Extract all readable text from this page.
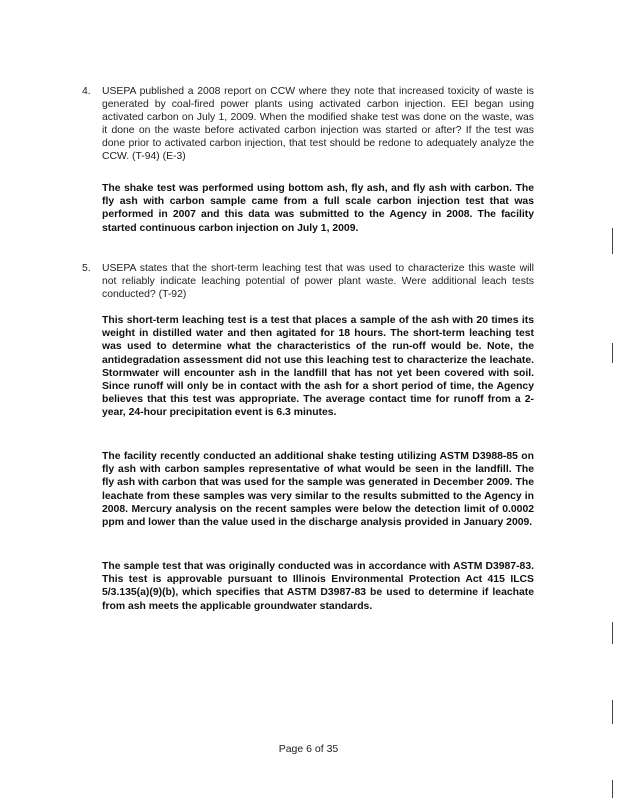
4. USEPA published a 2008 report on CCW where they note that increased toxicity of waste is generated by coal-fired power plants using activated carbon injection. EEI began using activated carbon on July 1, 2009. When the modified shake test was done on the waste, was it done on the waste before activated carbon injection was started or after? If the test was done prior to activated carbon injection, that test should be redone to adequately analyze the CCW. (T-94) (E-3)
The shake test was performed using bottom ash, fly ash, and fly ash with carbon. The fly ash with carbon sample came from a full scale carbon injection test that was performed in 2007 and this data was submitted to the Agency in 2008. The facility started continuous carbon injection on July 1, 2009.
5. USEPA states that the short-term leaching test that was used to characterize this waste will not reliably indicate leaching potential of power plant waste. Were additional leach tests conducted? (T-92)
This short-term leaching test is a test that places a sample of the ash with 20 times its weight in distilled water and then agitated for 18 hours. The short-term leaching test was used to determine what the characteristics of the run-off would be. Note, the antidegradation assessment did not use this leaching test to characterize the leachate. Stormwater will encounter ash in the landfill that has not yet been covered with soil. Since runoff will only be in contact with the ash for a short period of time, the Agency believes that this test was appropriate. The average contact time for runoff from a 2-year, 24-hour precipitation event is 6.3 minutes.
The facility recently conducted an additional shake testing utilizing ASTM D3988-85 on fly ash with carbon samples representative of what would be seen in the landfill. The fly ash with carbon that was used for the sample was generated in December 2009. The leachate from these samples was very similar to the results submitted to the Agency in 2008. Mercury analysis on the recent samples were below the detection limit of 0.0002 ppm and lower than the value used in the discharge analysis provided in January 2009.
The sample test that was originally conducted was in accordance with ASTM D3987-83. This test is approvable pursuant to Illinois Environmental Protection Act 415 ILCS 5/3.135(a)(9)(b), which specifies that ASTM D3987-83 be used to determine if leachate from ash meets the applicable groundwater standards.
Page 6 of 35
